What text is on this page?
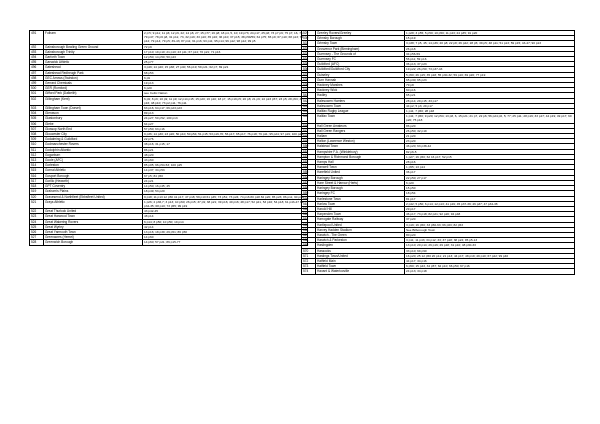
491	Fulham	2 p7t; 9 p11; 11 p6; 12 p6, 22; 14 p8, 27; 15 p77; 16 p8; 18 p4, 5, 10; 19 p73; 24 p17, 25 p8; 73 p7 p9; 75 p7; 16, 76, 79 p47; 78 p6 p8, 31 p12, 73, 32 p19; 33 p10; 35 p16; 36 p10; 37 p15; 38 p59/59; 64 p75; 65 p9; 67 p10; 68 p13; 70 p12; 79 p14; 79 p5; 39-43; 87 p11; 91 p16; 93 p11; 95 p14; 96 p12; 98 p12; 99 p5
492	Gainsborough Bowling Green Ground	72 p9
493	Gainsborough Trinity	17 p10; 19 p10; 21 p10; 23 p11; 67 p14; 70 p21; 71 p16
494	Garforth Town	12 p50; 14 p50; 50 p43
495	Garswick Athletic	25 p77
496	Gateshead	3 p49; 14 p20; 15 p38; 27 p40; 56 p19; 59 p21; 62 p7; 69 p21
497	Gateshead Redheugh Park	68 p53
498	GEC Arrows (Swindon)	6 p9
499	Gerrard Chemicals	19 p13
500	GER (Romford)	6 p20
501	Gifford Park (Dalkeith)	see Celtic Nation
502	Gillingham (Kent)	6 p9; 8 p9; 10 p9; 11 p9; 12 p14 p15; 15 p20; 16 p10; 18 p7, 15 p19 p5; 20 p8; 21 p9; 22 p23 p57; 23 p5; 28 p53; 37 p16; 48 p10; 73 p2 p11; 76 p11
503	Gillingham Town (Dorset)	63 p16; 64 p17; 66 p23 p23
504	Glenavon	89 p13
505	Glastonbury	24 p27; 50 p52; 100 p13
506	Glebe	64 p27
507	Glossop North End	57 p50; 63 p16
508	Gloucester City	9 p36; 14 p30; 23 p20; 50 p10; 50 p54; 51 p15; 53 p16,70; 56 p17; 65 p17; 76 p18; 79 p11; 95 p24; 97 p19; 100 p21
509	Godalming & Guildford	22 p76
510	Godmanchester Rovers	38 p16; 31 p15; 17
511	Godolphin Atlantic	86 p21
512	Gogarburn	48 p20
513	Goole (AFC)	43 p60
514	Gorleston	85 p05; 96 p54-53; 100 p25
515	Gornal Athletic	14 p37; 34 p53
516	Gosport Borough	67 p5; 84 p50
517	Gorillo (Heworth)	24 p21
518	GPT Coventry	14 p50; 16 p45; 45
519	Graham's Plains	18 p49; 53 p20
520	Gravesend & Northfleet (Ebbsfleet United)	9 p18; 11 p13 12 p50 41 p17; 47 p18; 59 p10 61 p45; 73 p51; 73 p24; 74 p16 80 p18 82 p20; 85 p23; 86 p11; 90 p14
521	Grays Athletic	1 p26; 2 p36,7; 3 p13; 10 p60; 26 p15; 37 p9; 38 p21; 39 p16; 40 p16; 48 p17; 52 p21, 53 p16; 54 p18; 61 p43-47 62 p34-35; 68 p10; 73 p55; 99 p19
522	Great Thurlock United	43 p42-45
523	Great Harwood Town	48 p14
524	Great Wakering Rovers	6 p14; 8 p50; 10 p50; 19 p14
525	Great Wyrley	42 p14
526	Great Yarmouth Town	13 p16; 18 p39; 29 p51; 86 p50
527	Greenacres (Hemel)	14 p60
528	Greenwich Borough	14 p60; 57 p21; 86 p15-77
529	Greeley Rovers/Greeley	1 p28; 3 p55; 5 p50; 10 p50; 11 p43; 24 p35; 91 p20
530	Grimsby Borough	15 p19
531	Grimsby Town	3 p38; 7 p5, 45; 14 p36; 20 p8; 22 p8; 26 p22; 28 p5; 39 p5; 48 p11; 51 p13; 59 p15; 43-47; 90 p13
532	Grosvenor Park (Birmingham)	26 p18
533	Guernsey - The Grounds of	34 p56-59
534	Guernsey FC	56 p11; 59 p16
535	Guildford (AFC)	36 p13; 37 p23
536	Guildford/Guildford City	19 p22; 26 p50; 73 p37-43
537	Guiseley	5 p50; 26 p15; 35 p18; 55 p30-32; 59 p10; 69 p20; 77 p19
538	Gurn Hannah	65 p30; 65 p23
539	Hackney Marshes	79 p8
540	Hackney Wick	60 p16
541	Hadley	65 p21
542	Halesowen Harriers	28 p14; 29 p15; 33 p17
543	Halesowen Town	44 p2; 5 p3; 29 p17
544	Halifax Rugby League	1 p11; 7 p50; 28 p18
545	Halifax Town	1 p11; 7 p50; 9 p20; 12 p54; 13 p8, 6, 15 p21; 21 p7, 22 p6; 56 p24 p6, 5; 77; 25 p11; 28 p19; 33 p17; 44 p19; 49 p17; 60 p20; 75 p18
546	Hall Green Amateurs	86 p20
547	Hall Green Rangers	26 p50; 32 p19
548	Hallam	21 p20
549	Halton (Lawrence Weston)	23 p20
550	Halstead Town	46 p20; 63 p38-42
551	Hampshire F.A. (Winklebury)	82 p6-5
552	Hampton & Richmond Borough	1 p27; 16 p50; 62 16 p17; 52 p15
553	Hamps Hall	28 p16
554	Hanwell Town	1 p55; 13 p14
555	Harefield United	36 p17
556	Haringey Borough	22 p50; 27 p17
557	Hare Street & Harrow (Herts)	6 p20
558	Haringey Borough	15 p50
559	Haringey FC	18 p54
560	Harlestone Town	81 p17
561	Harlow Town	2 p42; 5 p50; 6 p14; 12 p13; 41 p19; 45 p37-39; 46 p37; 47 p34-38
562	Harold Hill	29 p17
563	Harpenden Town	46 p17; 73 p18; 82 p21; 92 p20; 94 p48
564	Harrogate Railway	37 p20
565	Hartlepool United	3 p19; 16 p50; 33 p50-63; 66 p63; 82 p53
566	Harvey Hadden Stadium	See Bilborough Town
567	Harwich - The Green	80 p20
568	Harwich & Parkeston	3 p11; 11 p43; 34 p12; 33; 37 p18; 38 p24; 95 p5-13
569	Haslingden	13 p10; 20 p14; 26 p16; 29 p18; 31 p10; 48 p30-33
570	Hassocks	33 p10; 69 p90
571	Hastings Town/United	16 p20; 25 12 p50 20 p11; 21 p13; 44 p17; 48 p19; 49 p10; 67 p22; 99 p40
572	Hatfield Main	44 p17; 34 p16
573	Hatfield Town	6 p50; 15 p43, 34 p57; 62 p10; 66 p50; 67 p16
574	Havant & Waterlooville	24 p13; 34 p18
